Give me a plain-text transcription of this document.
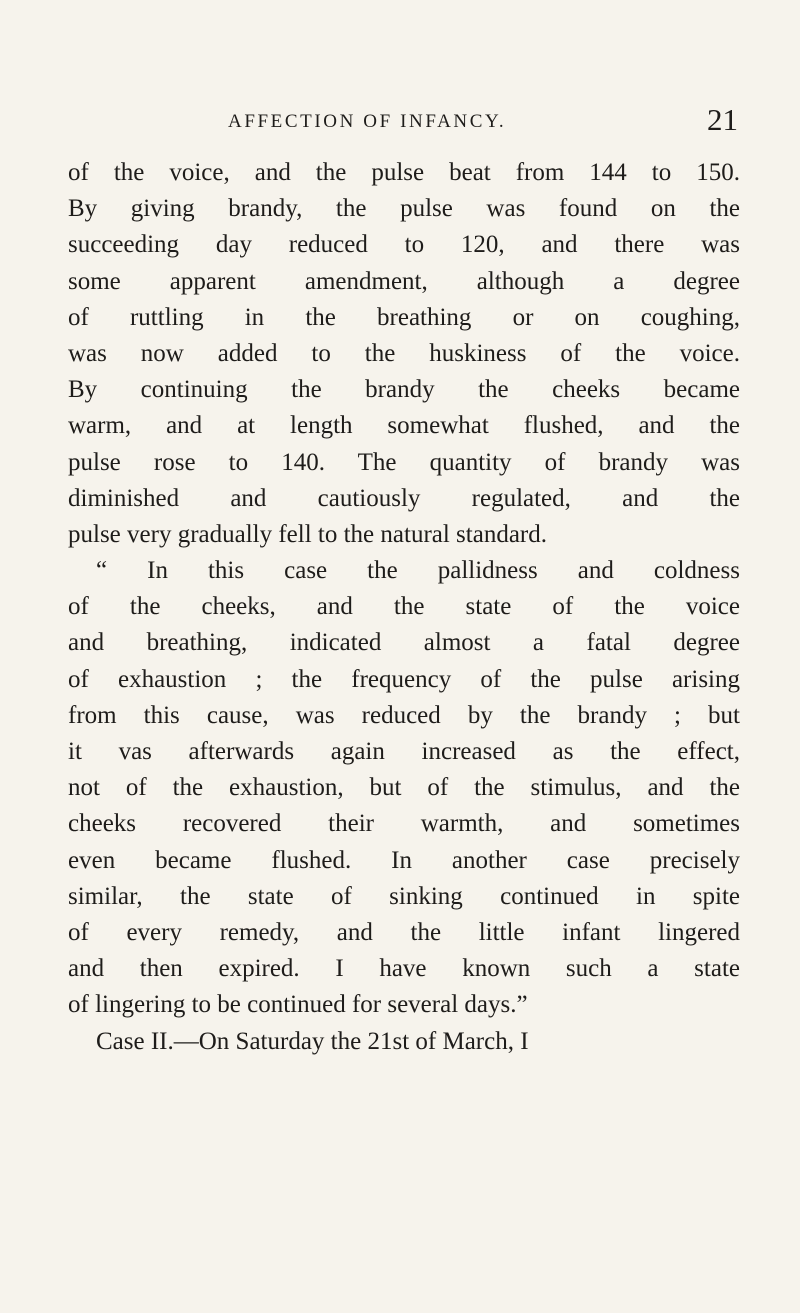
AFFECTION OF INFANCY.	21
of the voice, and the pulse beat from 144 to 150.
By giving brandy, the pulse was found on the
succeeding day reduced to 120, and there was
some apparent amendment, although a degree
of ruttling in the breathing or on coughing,
was now added to the huskiness of the voice.
By continuing the brandy the cheeks became
warm, and at length somewhat flushed, and the
pulse rose to 140. The quantity of brandy was
diminished and cautiously regulated, and the
pulse very gradually fell to the natural standard.
“ In this case the pallidness and coldness
of the cheeks, and the state of the voice
and breathing, indicated almost a fatal degree
of exhaustion ; the frequency of the pulse arising
from this cause, was reduced by the brandy ; but
it vas afterwards again increased as the effect,
not of the exhaustion, but of the stimulus, and the
cheeks recovered their warmth, and sometimes
even became flushed. In another case precisely
similar, the state of sinking continued in spite
of every remedy, and the little infant lingered
and then expired. I have known such a state
of lingering to be continued for several days.”
Case II.—On Saturday the 21st of March, I
